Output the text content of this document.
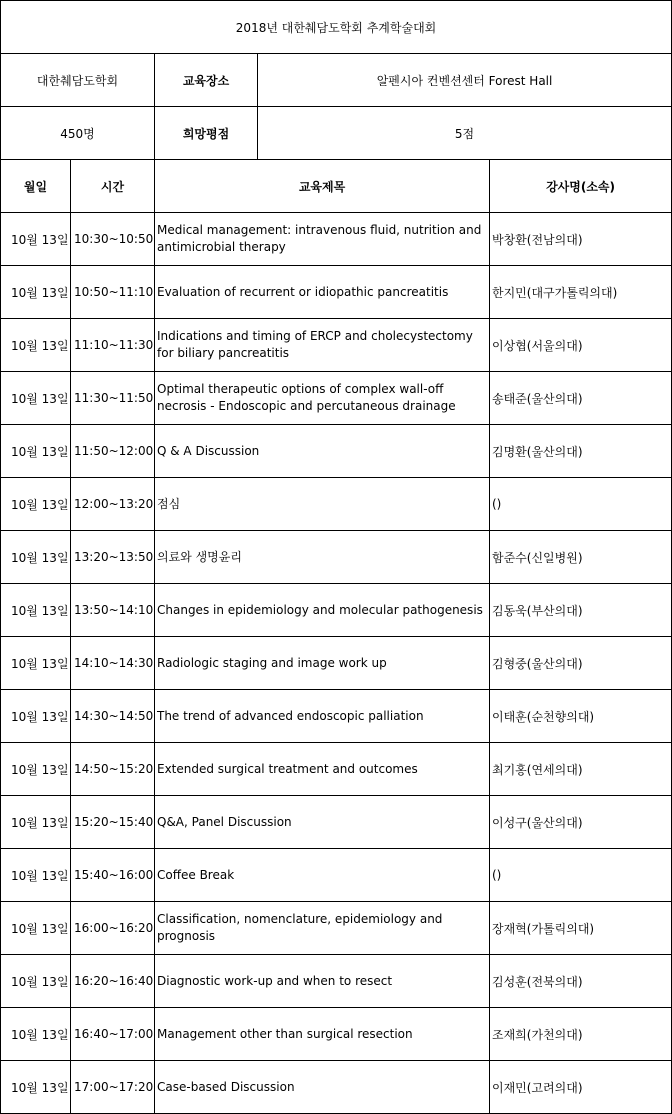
2018년 대한췌담도학회 추계학술대회				
대한췌담도학회		교육장소	알펜시아 컨벤션센터 Forest Hall	
450명		희망평점	5점	
월일	시간	교육제목		강사명(소속)
10월 13일	10:30~10:50	Medical management: intravenous fluid, nutrition and antimicrobial therapy		박창환(전남의대)
10월 13일	10:50~11:10	Evaluation of recurrent or idiopathic pancreatitis		한지민(대구가톨릭의대)
10월 13일	11:10~11:30	Indications and timing of ERCP and cholecystectomy for biliary pancreatitis		이상협(서울의대)
10월 13일	11:30~11:50	Optimal therapeutic options of complex wall-off necrosis - Endoscopic and percutaneous drainage		송태준(울산의대)
10월 13일	11:50~12:00	Q & A Discussion		김명환(울산의대)
10월 13일	12:00~13:20	점심		()
10월 13일	13:20~13:50	의료와 생명윤리		함준수(신일병원)
10월 13일	13:50~14:10	Changes in epidemiology and molecular pathogenesis		김동욱(부산의대)
10월 13일	14:10~14:30	Radiologic staging and image work up		김형중(울산의대)
10월 13일	14:30~14:50	The trend of advanced endoscopic palliation		이태훈(순천향의대)
10월 13일	14:50~15:20	Extended surgical treatment and outcomes		최기홍(연세의대)
10월 13일	15:20~15:40	Q&A, Panel Discussion		이성구(울산의대)
10월 13일	15:40~16:00	Coffee Break		()
10월 13일	16:00~16:20	Classification, nomenclature, epidemiology and prognosis		장재혁(가톨릭의대)
10월 13일	16:20~16:40	Diagnostic work-up and when to resect		김성훈(전북의대)
10월 13일	16:40~17:00	Management other than surgical resection		조재희(가천의대)
10월 13일	17:00~17:20	Case-based Discussion		이재민(고려의대)
